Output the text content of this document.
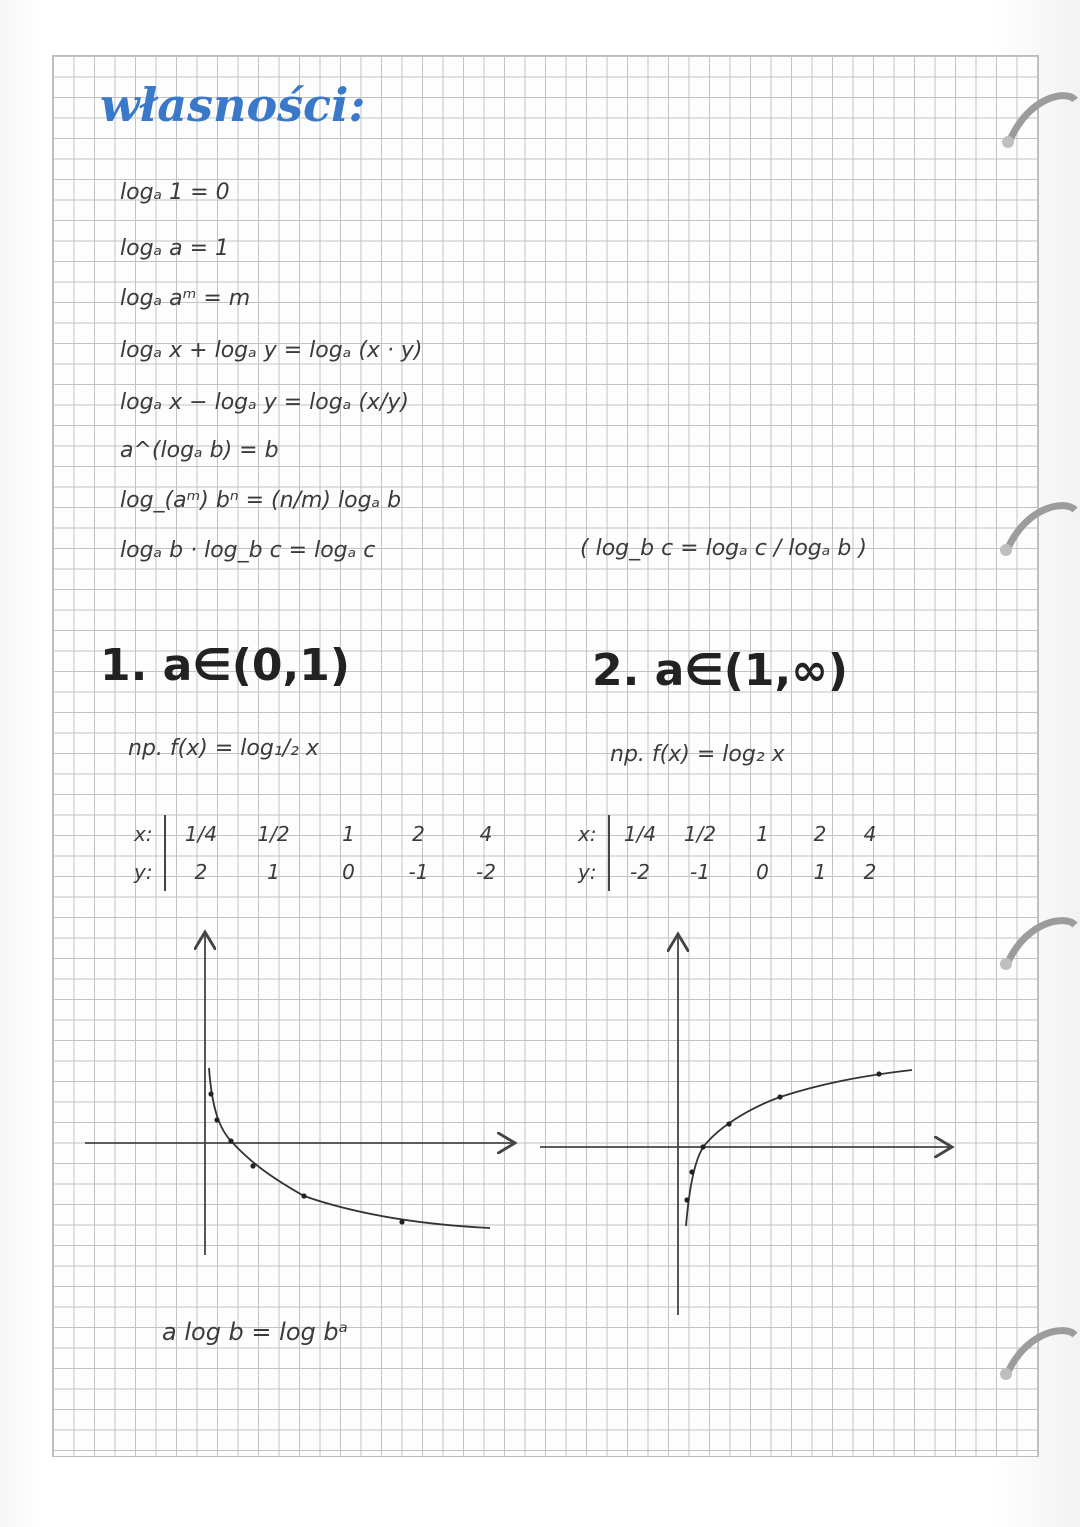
własności:
logₐ 1 = 0
logₐ a = 1
logₐ aᵐ = m
logₐ x + logₐ y = logₐ (x · y)
logₐ x − logₐ y = logₐ (x/y)
a^(logₐ b) = b
log_(aᵐ) bⁿ = (n/m) logₐ b
logₐ b · log_b c = logₐ c	( log_b c = logₐ c / logₐ b )
1. a∈(0,1)	2. a∈(1,∞)
np. f(x) = log₁/₂ x	np. f(x) = log₂ x
x:	1/4	1/2	1	2	4
y:	2	1	0	-1	-2
x:	1/4	1/2	1	2	4
y:	-2	-1	0	1	2
a log b = log bᵃ
